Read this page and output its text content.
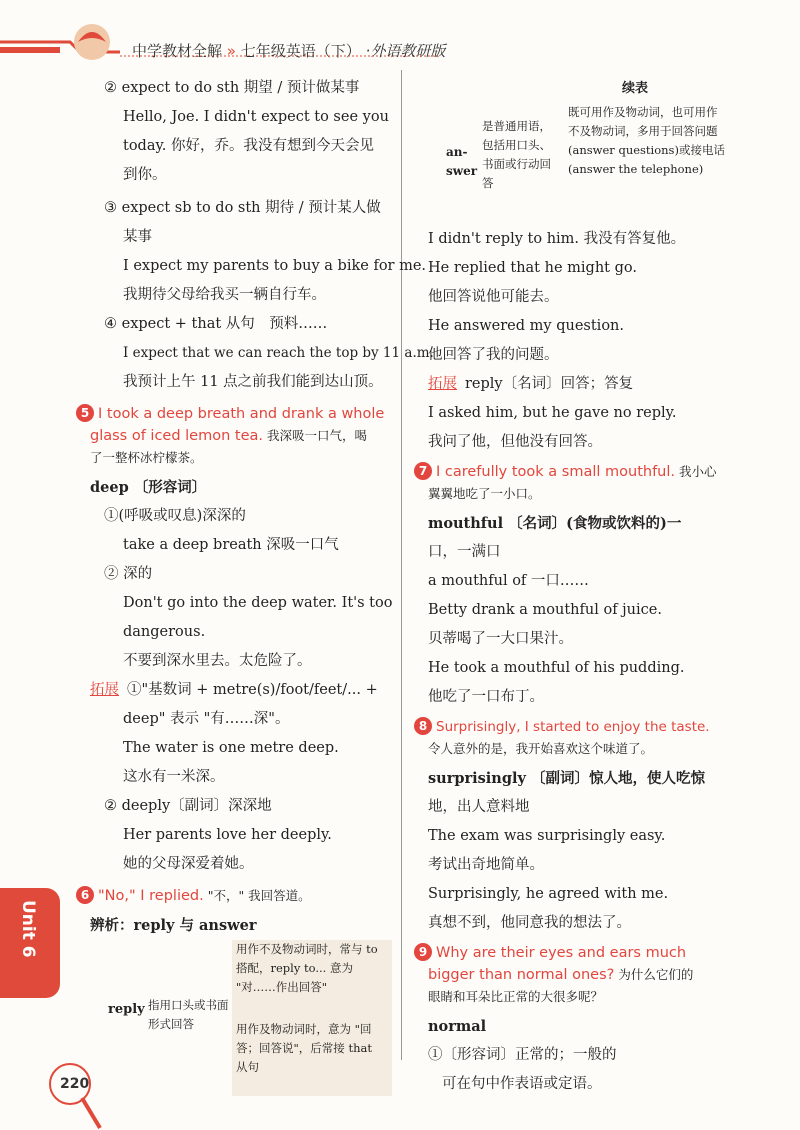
中学教材全解 » 七年级英语（下） ·外语教研版
② expect to do sth 期望 / 预计做某事
Hello, Joe. I didn't expect to see you
today. 你好，乔。我没有想到今天会见
到你。
③ expect sb to do sth 期待 / 预计某人做
某事
I expect my parents to buy a bike for me.
我期待父母给我买一辆自行车。
④ expect + that 从句　预料……
I expect that we can reach the top by 11 a.m.
我预计上午 11 点之前我们能到达山顶。
5 I took a deep breath and drank a whole
glass of iced lemon tea. 我深吸一口气，喝
了一整杯冰柠檬茶。
deep 〔形容词〕
①(呼吸或叹息)深深的
take a deep breath 深吸一口气
② 深的
Don't go into the deep water. It's too
dangerous.
不要到深水里去。太危险了。
拓展 ①"基数词 + metre(s)/foot/feet/... +
deep" 表示 "有……深"。
The water is one metre deep.
这水有一米深。
② deeply〔副词〕深深地
Her parents love her deeply.
她的父母深爱着她。
6 "No," I replied. "不，" 我回答道。
辨析：reply 与 answer
reply 指用口头或书面形式回答
用作不及物动词时，常与 to 搭配，reply to... 意为 "对……作出回答"
用作及物动词时，意为 "回答；回答说"，后常接 that 从句
续表
an-swer
是普通用语，包括用口头、书面或行动回答
既可用作及物动词，也可用作不及物动词，多用于回答问题(answer questions)或接电话(answer the telephone)
I didn't reply to him. 我没有答复他。
He replied that he might go.
他回答说他可能去。
He answered my question.
他回答了我的问题。
拓展 reply〔名词〕回答；答复
I asked him, but he gave no reply.
我问了他，但他没有回答。
7 I carefully took a small mouthful. 我小心
翼翼地吃了一小口。
mouthful 〔名词〕(食物或饮料的)一
口，一满口
a mouthful of 一口……
Betty drank a mouthful of juice.
贝蒂喝了一大口果汁。
He took a mouthful of his pudding.
他吃了一口布丁。
8 Surprisingly, I started to enjoy the taste.
令人意外的是，我开始喜欢这个味道了。
surprisingly 〔副词〕惊人地，使人吃惊
地，出人意料地
The exam was surprisingly easy.
考试出奇地简单。
Surprisingly, he agreed with me.
真想不到，他同意我的想法了。
9 Why are their eyes and ears much
bigger than normal ones? 为什么它们的
眼睛和耳朵比正常的大很多呢？
normal
①〔形容词〕正常的；一般的
可在句中作表语或定语。
Unit 6
220
